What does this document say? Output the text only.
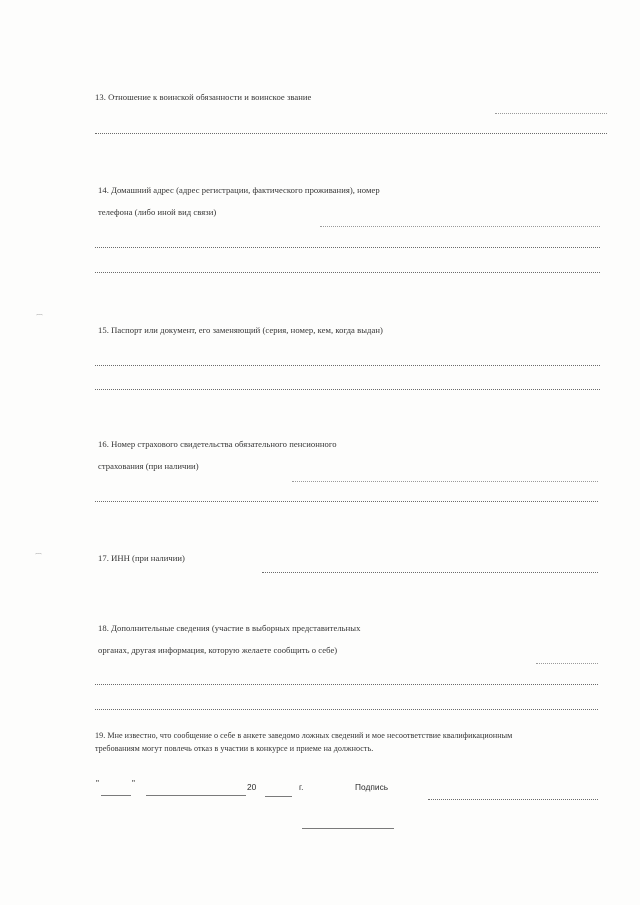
13. Отношение к воинской обязанности и воинское звание
14. Домашний адрес (адрес регистрации, фактического проживания), номер
телефона (либо иной вид связи)
⌒
15. Паспорт или документ, его заменяющий (серия, номер, кем, когда выдан)
16. Номер страхового свидетельства обязательного пенсионного
страхования (при наличии)
⌒	17. ИНН (при наличии)
18. Дополнительные сведения (участие в выборных представительных
органах, другая информация, которую желаете сообщить о себе)
19. Мне известно, что сообщение о себе в анкете заведомо ложных сведений и мое несоответствие квалификационным
требованиям могут повлечь отказ в участии в конкурсе и приеме на должность.
"	"	20	г.	Подпись
